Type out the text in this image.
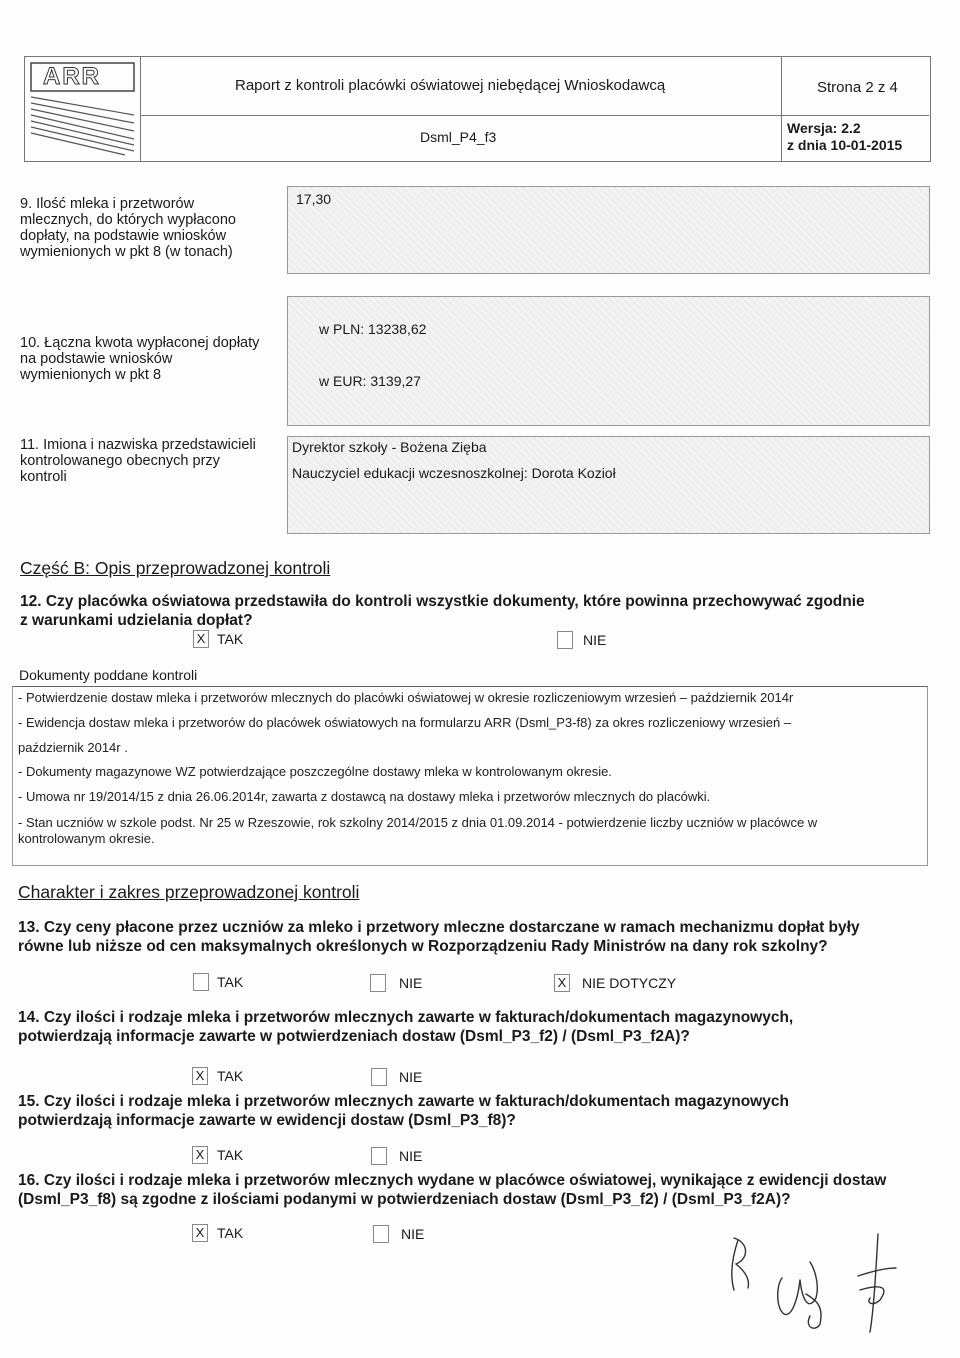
ARR	Raport z kontroli placówki oświatowej niebędącej Wnioskodawcą	Strona 2 z 4
Dsml_P4_f3
Wersja: 2.2
z dnia 10-01-2015
9. Ilość mleka i przetworów
mlecznych, do których wypłacono
dopłaty, na podstawie wniosków
wymienionych w pkt 8 (w tonach)
17,30
10. Łączna kwota wypłaconej dopłaty
na podstawie wniosków
wymienionych w pkt 8
w PLN: 13238,62
w EUR: 3139,27
11. Imiona i nazwiska przedstawicieli
kontrolowanego obecnych przy
kontroli
Dyrektor szkoły - Bożena Zięba
Nauczyciel edukacji wczesnoszkolnej: Dorota Kozioł
Część B: Opis przeprowadzonej kontroli
12. Czy placówka oświatowa przedstawiła do kontroli wszystkie dokumenty, które powinna przechowywać zgodnie
z warunkami udzielania dopłat?
X TAK	NIE
Dokumenty poddane kontroli
- Potwierdzenie dostaw mleka i przetworów mlecznych do placówki oświatowej w okresie rozliczeniowym wrzesień – październik 2014r
- Ewidencja dostaw mleka i przetworów do placówek oświatowych na formularzu ARR (Dsml_P3-f8) za okres rozliczeniowy wrzesień –
październik 2014r .
- Dokumenty magazynowe WZ potwierdzające poszczególne dostawy mleka w kontrolowanym okresie.
- Umowa nr 19/2014/15 z dnia 26.06.2014r, zawarta z dostawcą na dostawy mleka i przetworów mlecznych do placówki.
- Stan uczniów w szkole podst. Nr 25 w Rzeszowie, rok szkolny 2014/2015 z dnia 01.09.2014 - potwierdzenie liczby uczniów w placówce w
kontrolowanym okresie.
Charakter i zakres przeprowadzonej kontroli
13. Czy ceny płacone przez uczniów za mleko i przetwory mleczne dostarczane w ramach mechanizmu dopłat były
równe lub niższe od cen maksymalnych określonych w Rozporządzeniu Rady Ministrów na dany rok szkolny?
TAK	NIE	X NIE DOTYCZY
14. Czy ilości i rodzaje mleka i przetworów mlecznych zawarte w fakturach/dokumentach magazynowych,
potwierdzają informacje zawarte w potwierdzeniach dostaw (Dsml_P3_f2) / (Dsml_P3_f2A)?
X TAK	NIE
15. Czy ilości i rodzaje mleka i przetworów mlecznych zawarte w fakturach/dokumentach magazynowych
potwierdzają informacje zawarte w ewidencji dostaw (Dsml_P3_f8)?
X TAK	NIE
16. Czy ilości i rodzaje mleka i przetworów mlecznych wydane w placówce oświatowej, wynikające z ewidencji dostaw
(Dsml_P3_f8) są zgodne z ilościami podanymi w potwierdzeniach dostaw (Dsml_P3_f2) / (Dsml_P3_f2A)?
X TAK	NIE
